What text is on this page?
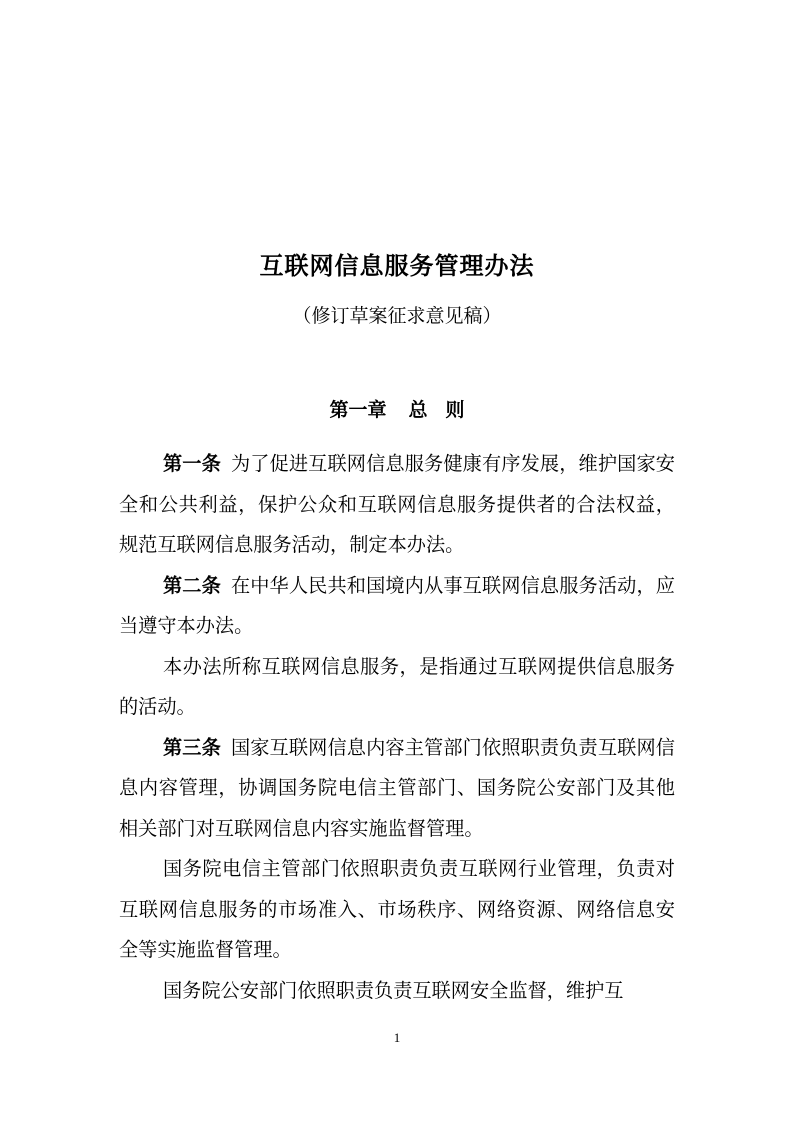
互联网信息服务管理办法
（修订草案征求意见稿）
第一章 总 则

第一条 为了促进互联网信息服务健康有序发展，维护国家安全和公共利益，保护公众和互联网信息服务提供者的合法权益，规范互联网信息服务活动，制定本办法。

第二条 在中华人民共和国境内从事互联网信息服务活动，应当遵守本办法。

本办法所称互联网信息服务，是指通过互联网提供信息服务的活动。

第三条 国家互联网信息内容主管部门依照职责负责互联网信息内容管理，协调国务院电信主管部门、国务院公安部门及其他相关部门对互联网信息内容实施监督管理。

国务院电信主管部门依照职责负责互联网行业管理，负责对互联网信息服务的市场准入、市场秩序、网络资源、网络信息安全等实施监督管理。

国务院公安部门依照职责负责互联网安全监督，维护互

1
